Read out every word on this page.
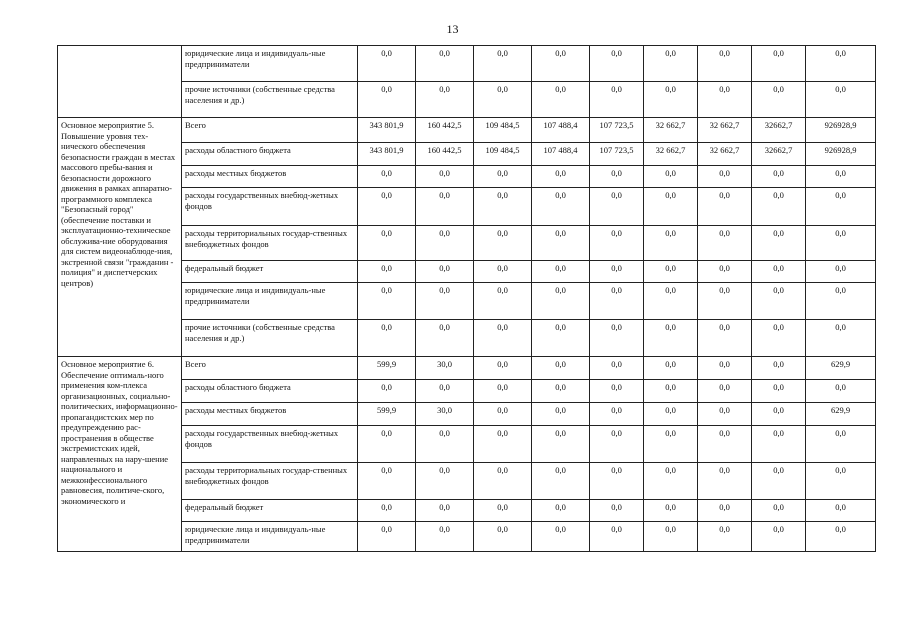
13
	юридические лица и индивидуаль-ные предприниматели	0,0	0,0	0,0	0,0	0,0	0,0	0,0	0,0	0,0
	прочие источники (собственные средства населения и др.)	0,0	0,0	0,0	0,0	0,0	0,0	0,0	0,0	0,0
Основное мероприятие 5. Повышение уровня тех-нического обеспечения безопасности граждан в местах массового пребы-вания и безопасности дорожного движения в рамках аппаратно-программного комплекса "Безопасный город" (обеспечение поставки и эксплуатационно-техническое обслужива-ние оборудования для систем видеонаблюде-ния, экстренной связи "гражданин - полиция" и диспетчерских центров)	Всего	343 801,9	160 442,5	109 484,5	107 488,4	107 723,5	32 662,7	32 662,7	32662,7	926928,9
	расходы областного бюджета	343 801,9	160 442,5	109 484,5	107 488,4	107 723,5	32 662,7	32 662,7	32662,7	926928,9
	расходы местных бюджетов	0,0	0,0	0,0	0,0	0,0	0,0	0,0	0,0	0,0
	расходы государственных внебюд-жетных фондов	0,0	0,0	0,0	0,0	0,0	0,0	0,0	0,0	0,0
	расходы территориальных государ-ственных внебюджетных фондов	0,0	0,0	0,0	0,0	0,0	0,0	0,0	0,0	0,0
	федеральный бюджет	0,0	0,0	0,0	0,0	0,0	0,0	0,0	0,0	0,0
	юридические лица и индивидуаль-ные предприниматели	0,0	0,0	0,0	0,0	0,0	0,0	0,0	0,0	0,0
	прочие источники (собственные средства населения и др.)	0,0	0,0	0,0	0,0	0,0	0,0	0,0	0,0	0,0
Основное мероприятие 6. Обеспечение оптималь-ного применения ком-плекса организационных, социально-политических, информационно-пропагандистских мер по предупреждению рас-пространения в обществе экстремистских идей, направленных на нару-шение национального и межконфессионального равновесия, политиче-ского, экономического и	Всего	599,9	30,0	0,0	0,0	0,0	0,0	0,0	0,0	629,9
	расходы областного бюджета	0,0	0,0	0,0	0,0	0,0	0,0	0,0	0,0	0,0
	расходы местных бюджетов	599,9	30,0	0,0	0,0	0,0	0,0	0,0	0,0	629,9
	расходы государственных внебюд-жетных фондов	0,0	0,0	0,0	0,0	0,0	0,0	0,0	0,0	0,0
	расходы территориальных государ-ственных внебюджетных фондов	0,0	0,0	0,0	0,0	0,0	0,0	0,0	0,0	0,0
	федеральный бюджет	0,0	0,0	0,0	0,0	0,0	0,0	0,0	0,0	0,0
	юридические лица и индивидуаль-ные предприниматели	0,0	0,0	0,0	0,0	0,0	0,0	0,0	0,0	0,0
